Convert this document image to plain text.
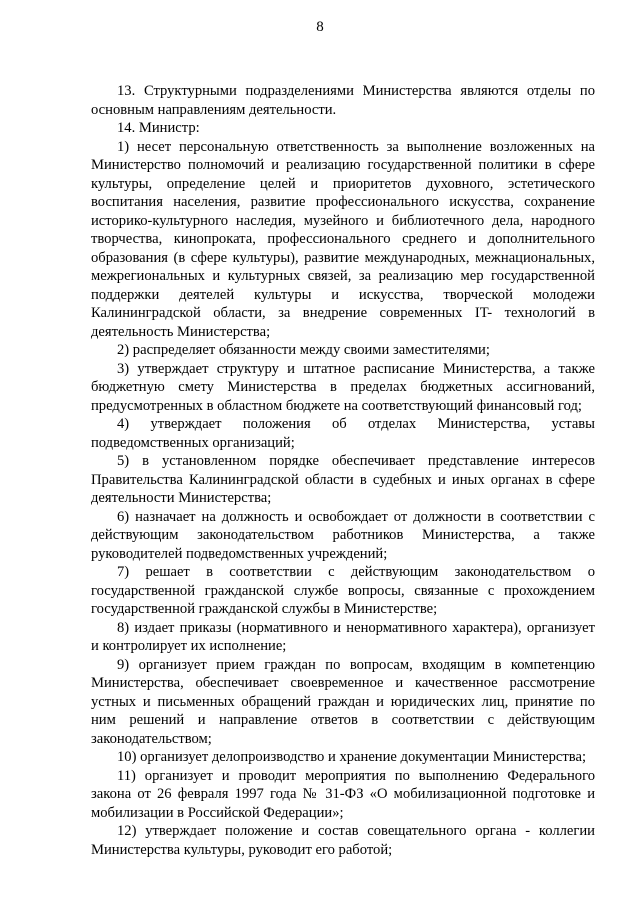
8

13. Структурными подразделениями Министерства являются отделы по основным направлениям деятельности.

14. Министр:

1) несет персональную ответственность за выполнение возложенных на Министерство полномочий и реализацию государственной политики в сфере культуры, определение целей и приоритетов духовного, эстетического воспитания населения, развитие профессионального искусства, сохранение историко-культурного наследия, музейного и библиотечного дела, народного творчества, кинопроката, профессионального среднего и дополнительного образования (в сфере культуры), развитие международных, межнациональных, межрегиональных и культурных связей, за реализацию мер государственной поддержки деятелей культуры и искусства, творческой молодежи Калининградской области, за внедрение современных IT- технологий в деятельность Министерства;

2) распределяет обязанности между своими заместителями;

3) утверждает структуру и штатное расписание Министерства, а также бюджетную смету Министерства в пределах бюджетных ассигнований, предусмотренных в областном бюджете на соответствующий финансовый год;

4) утверждает положения об отделах Министерства, уставы подведомственных организаций;

5) в установленном порядке обеспечивает представление интересов Правительства Калининградской области в судебных и иных органах в сфере деятельности Министерства;

6) назначает на должность и освобождает от должности в соответствии с действующим законодательством работников Министерства, а также руководителей подведомственных учреждений;

7) решает в соответствии с действующим законодательством о государственной гражданской службе вопросы, связанные с прохождением государственной гражданской службы в Министерстве;

8) издает приказы (нормативного и ненормативного характера), организует и контролирует их исполнение;

9) организует прием граждан по вопросам, входящим в компетенцию Министерства, обеспечивает своевременное и качественное рассмотрение устных и письменных обращений граждан и юридических лиц, принятие по ним решений и направление ответов в соответствии с действующим законодательством;

10) организует делопроизводство и хранение документации Министерства;

11) организует и проводит мероприятия по выполнению Федерального закона от 26 февраля 1997 года № 31-ФЗ «О мобилизационной подготовке и мобилизации в Российской Федерации»;

12) утверждает положение и состав совещательного органа - коллегии Министерства культуры, руководит его работой;
